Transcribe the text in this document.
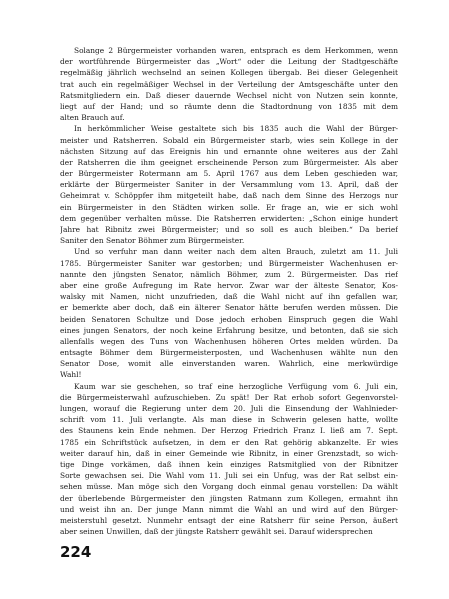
Solange 2 Bürgermeister vorhanden waren, entsprach es dem Herkommen, wenn
der wortführende Bürgermeister das „Wort“ oder die Leitung der Stadtgeschäfte
regelmäßig jährlich wechselnd an seinen Kollegen übergab. Bei dieser Gelegenheit
trat auch ein regelmäßiger Wechsel in der Verteilung der Amtsgeschäfte unter den
Ratsmitgliedern ein. Daß dieser dauernde Wechsel nicht von Nutzen sein konnte,
liegt auf der Hand; und so räumte denn die Stadtordnung von 1835 mit dem
alten Brauch auf.
In herkömmlicher Weise gestaltete sich bis 1835 auch die Wahl der Bürger-
meister und Ratsherren. Sobald ein Bürgermeister starb, wies sein Kollege in der
nächsten Sitzung auf das Ereignis hin und ernannte ohne weiteres aus der Zahl
der Ratsherren die ihm geeignet erscheinende Person zum Bürgermeister. Als aber
der Bürgermeister Rotermann am 5. April 1767 aus dem Leben geschieden war,
erklärte der Bürgermeister Saniter in der Versammlung vom 13. April, daß der
Geheimrat v. Schöppfer ihm mitgeteilt habe, daß nach dem Sinne des Herzogs nur
ein Bürgermeister in den Städten wirken solle. Er frage an, wie er sich wohl
dem gegenüber verhalten müsse. Die Ratsherren erwiderten: „Schon einige hundert
Jahre hat Ribnitz zwei Bürgermeister; und so soll es auch bleiben.“ Da berief
Saniter den Senator Böhmer zum Bürgermeister.
Und so verfuhr man dann weiter nach dem alten Brauch, zuletzt am 11. Juli
1785. Bürgermeister Saniter war gestorben; und Bürgermeister Wachenhusen er-
nannte den jüngsten Senator, nämlich Böhmer, zum 2. Bürgermeister. Das rief
aber eine große Aufregung im Rate hervor. Zwar war der älteste Senator, Kos-
walsky mit Namen, nicht unzufrieden, daß die Wahl nicht auf ihn gefallen war,
er bemerkte aber doch, daß ein älterer Senator hätte berufen werden müssen. Die
beiden Senatoren Schultze und Dose jedoch erhoben Einspruch gegen die Wahl
eines jungen Senators, der noch keine Erfahrung besitze, und betonten, daß sie sich
allenfalls wegen des Tuns von Wachenhusen höheren Ortes melden würden. Da
entsagte Böhmer dem Bürgermeisterposten, und Wachenhusen wählte nun den
Senator Dose, womit alle einverstanden waren. Wahrlich, eine merkwürdige
Wahl!
Kaum war sie geschehen, so traf eine herzogliche Verfügung vom 6. Juli ein,
die Bürgermeisterwahl aufzuschieben. Zu spät! Der Rat erhob sofort Gegenvorstel-
lungen, worauf die Regierung unter dem 20. Juli die Einsendung der Wahlnieder-
schrift vom 11. Juli verlangte. Als man diese in Schwerin gelesen hatte, wollte
des Staunens kein Ende nehmen. Der Herzog Friedrich Franz I. ließ am 7. Sept.
1785 ein Schriftstück aufsetzen, in dem er den Rat gehörig abkanzelte. Er wies
weiter darauf hin, daß in einer Gemeinde wie Ribnitz, in einer Grenzstadt, so wich-
tige Dinge vorkämen, daß ihnen kein einziges Ratsmitglied von der Ribnitzer
Sorte gewachsen sei. Die Wahl vom 11. Juli sei ein Unfug, was der Rat selbst ein-
sehen müsse. Man möge sich den Vorgang doch einmal genau vorstellen: Da wählt
der überlebende Bürgermeister den jüngsten Ratmann zum Kollegen, ermahnt ihn
und weist ihn an. Der junge Mann nimmt die Wahl an und wird auf den Bürger-
meisterstuhl gesetzt. Nunmehr entsagt der eine Ratsherr für seine Person, äußert
aber seinen Unwillen, daß der jüngste Ratsherr gewählt sei. Darauf widersprechen
224
